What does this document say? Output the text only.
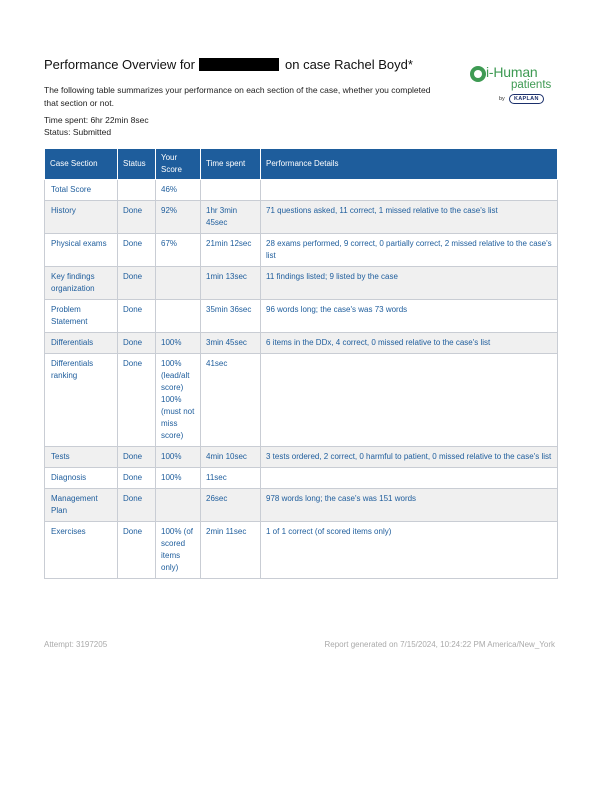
Performance Overview for	on case Rachel Boyd*	i-Human
patients
by	KAPLAN
The following table summarizes your performance on each section of the case, whether you completed that section or not.
Time spent: 6hr 22min 8sec
Status: Submitted
Case Section	Status	Your Score	Time spent	Performance Details
Total Score		46%		
History	Done	92%	1hr 3min 45sec	71 questions asked, 11 correct, 1 missed relative to the case's list
Physical exams	Done	67%	21min 12sec	28 exams performed, 9 correct, 0 partially correct, 2 missed relative to the case's list
Key findings organization	Done		1min 13sec	11 findings listed; 9 listed by the case
Problem Statement	Done		35min 36sec	96 words long; the case's was 73 words
Differentials	Done	100%	3min 45sec	6 items in the DDx, 4 correct, 0 missed relative to the case's list
Differentials ranking	Done	100% (lead/alt score) 100% (must not miss score)	41sec	
Tests	Done	100%	4min 10sec	3 tests ordered, 2 correct, 0 harmful to patient, 0 missed relative to the case's list
Diagnosis	Done	100%	11sec	
Management Plan	Done		26sec	978 words long; the case's was 151 words
Exercises	Done	100% (of scored items only)	2min 11sec	1 of 1 correct (of scored items only)
Attempt: 3197205	Report generated on 7/15/2024, 10:24:22 PM America/New_York
